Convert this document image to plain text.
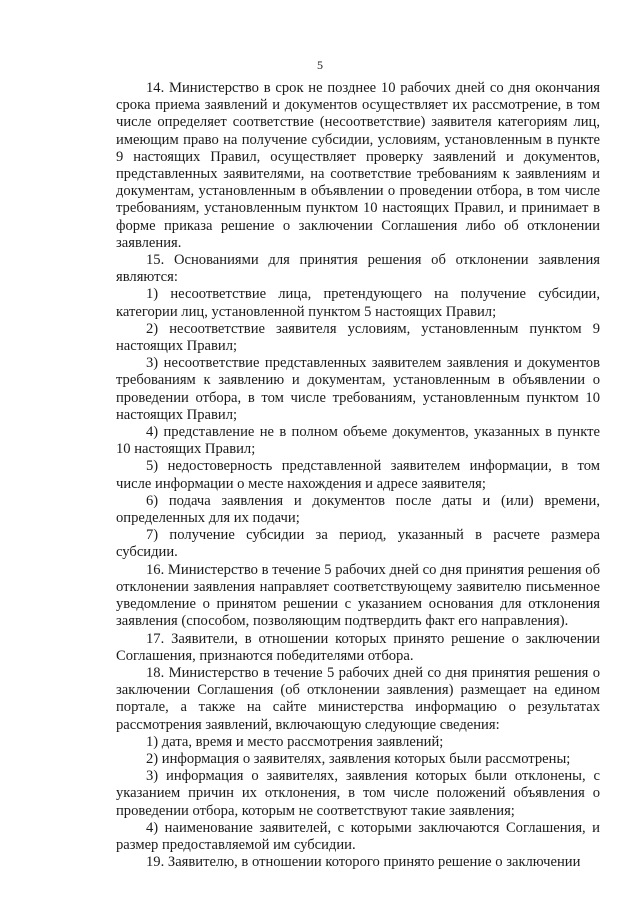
5

14. Министерство в срок не позднее 10 рабочих дней со дня окончания срока приема заявлений и документов осуществляет их рассмотрение, в том числе определяет соответствие (несоответствие) заявителя категориям лиц, имеющим право на получение субсидии, условиям, установленным в пункте 9 настоящих Правил, осуществляет проверку заявлений и документов, представленных заявителями, на соответствие требованиям к заявлениям и документам, установленным в объявлении о проведении отбора, в том числе требованиям, установленным пунктом 10 настоящих Правил, и принимает в форме приказа решение о заключении Соглашения либо об отклонении заявления.

15. Основаниями для принятия решения об отклонении заявления являются:

1) несоответствие лица, претендующего на получение субсидии, категории лиц, установленной пунктом 5 настоящих Правил;

2) несоответствие заявителя условиям, установленным пунктом 9 настоящих Правил;

3) несоответствие представленных заявителем заявления и документов требованиям к заявлению и документам, установленным в объявлении о проведении отбора, в том числе требованиям, установленным пунктом 10 настоящих Правил;

4) представление не в полном объеме документов, указанных в пункте 10 настоящих Правил;

5) недостоверность представленной заявителем информации, в том числе информации о месте нахождения и адресе заявителя;

6) подача заявления и документов после даты и (или) времени, определенных для их подачи;

7) получение субсидии за период, указанный в расчете размера субсидии.

16. Министерство в течение 5 рабочих дней со дня принятия решения об отклонении заявления направляет соответствующему заявителю письменное уведомление о принятом решении с указанием основания для отклонения заявления (способом, позволяющим подтвердить факт его направления).

17. Заявители, в отношении которых принято решение о заключении Соглашения, признаются победителями отбора.

18. Министерство в течение 5 рабочих дней со дня принятия решения о заключении Соглашения (об отклонении заявления) размещает на едином портале, а также на сайте министерства информацию о результатах рассмотрения заявлений, включающую следующие сведения:

1) дата, время и место рассмотрения заявлений;

2) информация о заявителях, заявления которых были рассмотрены;

3) информация о заявителях, заявления которых были отклонены, с указанием причин их отклонения, в том числе положений объявления о проведении отбора, которым не соответствуют такие заявления;

4) наименование заявителей, с которыми заключаются Соглашения, и размер предоставляемой им субсидии.

19. Заявителю, в отношении которого принято решение о заключении
